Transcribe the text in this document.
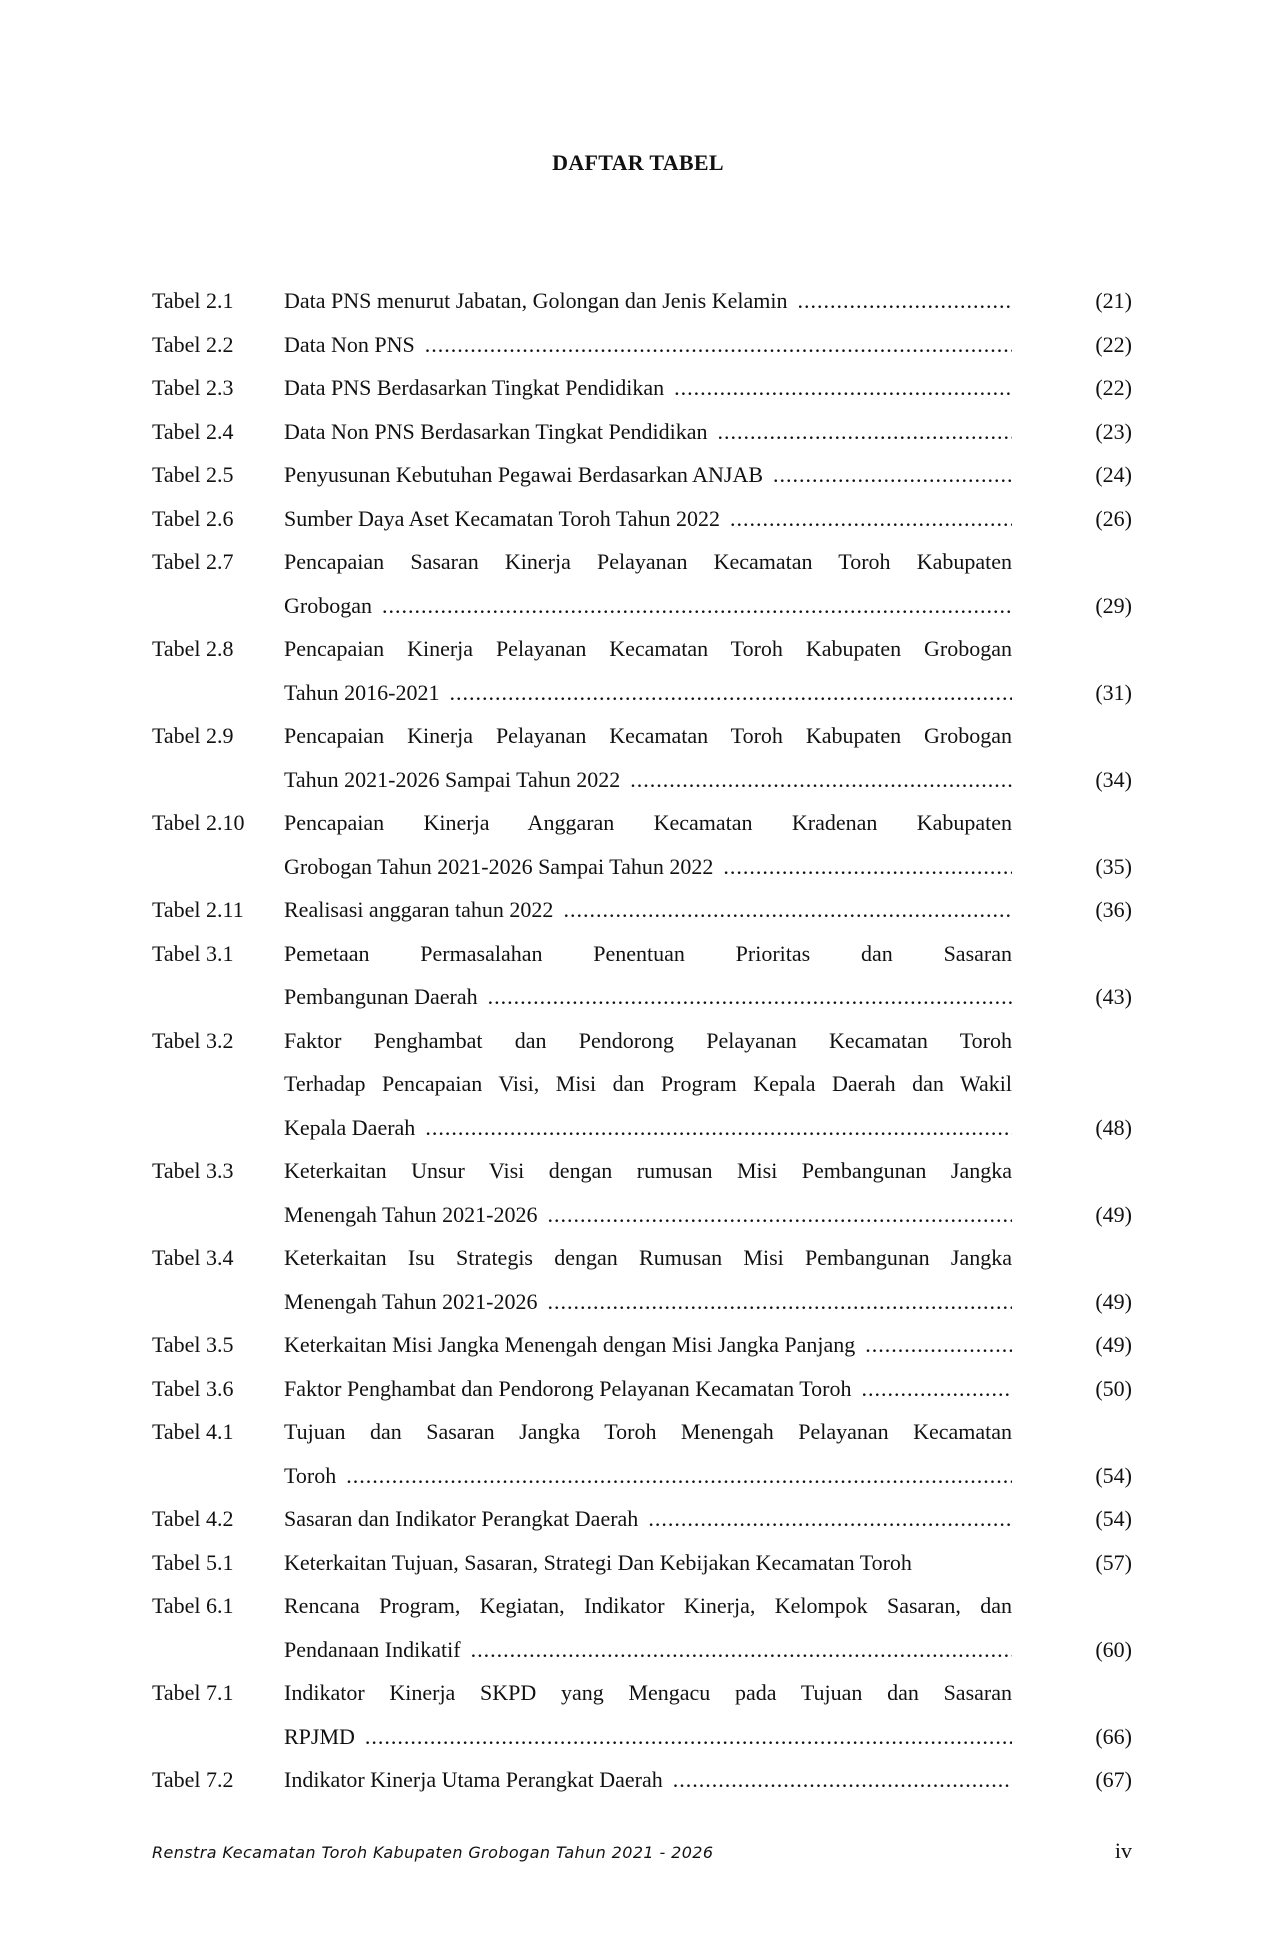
DAFTAR TABEL
Tabel 2.1	Data PNS menurut Jabatan, Golongan dan Jenis Kelamin .....	(21)
Tabel 2.2	Data Non PNS .....	(22)
Tabel 2.3	Data PNS Berdasarkan Tingkat Pendidikan .....	(22)
Tabel 2.4	Data Non PNS Berdasarkan Tingkat Pendidikan .....	(23)
Tabel 2.5	Penyusunan Kebutuhan Pegawai Berdasarkan ANJAB .....	(24)
Tabel 2.6	Sumber Daya Aset Kecamatan Toroh Tahun 2022 .....	(26)
Tabel 2.7	Pencapaian Sasaran Kinerja Pelayanan Kecamatan Toroh Kabupaten
Grobogan .....	(29)
Tabel 2.8	Pencapaian Kinerja Pelayanan Kecamatan Toroh Kabupaten Grobogan
Tahun 2016-2021 .....	(31)
Tabel 2.9	Pencapaian Kinerja Pelayanan Kecamatan Toroh Kabupaten Grobogan
Tahun 2021-2026 Sampai Tahun 2022 .....	(34)
Tabel 2.10	Pencapaian Kinerja Anggaran Kecamatan Kradenan Kabupaten
Grobogan Tahun 2021-2026 Sampai Tahun 2022 .....	(35)
Tabel 2.11	Realisasi anggaran tahun 2022 .....	(36)
Tabel 3.1	Pemetaan Permasalahan Penentuan Prioritas dan Sasaran
Pembangunan Daerah .....	(43)
Tabel 3.2	Faktor Penghambat dan Pendorong Pelayanan Kecamatan Toroh
Terhadap Pencapaian Visi, Misi dan Program Kepala Daerah dan Wakil
Kepala Daerah .....	(48)
Tabel 3.3	Keterkaitan Unsur Visi dengan rumusan Misi Pembangunan Jangka
Menengah Tahun 2021-2026 .....	(49)
Tabel 3.4	Keterkaitan Isu Strategis dengan Rumusan Misi Pembangunan Jangka
Menengah Tahun 2021-2026 .....	(49)
Tabel 3.5	Keterkaitan Misi Jangka Menengah dengan Misi Jangka Panjang .....	(49)
Tabel 3.6	Faktor Penghambat dan Pendorong Pelayanan Kecamatan Toroh .....	(50)
Tabel 4.1	Tujuan dan Sasaran Jangka Toroh Menengah Pelayanan Kecamatan
Toroh .....	(54)
Tabel 4.2	Sasaran dan Indikator Perangkat Daerah .....	(54)
Tabel 5.1	Keterkaitan Tujuan, Sasaran, Strategi Dan Kebijakan Kecamatan Toroh	(57)
Tabel 6.1	Rencana Program, Kegiatan, Indikator Kinerja, Kelompok Sasaran, dan
Pendanaan Indikatif .....	(60)
Tabel 7.1	Indikator Kinerja SKPD yang Mengacu pada Tujuan dan Sasaran
RPJMD .....	(66)
Tabel 7.2	Indikator Kinerja Utama Perangkat Daerah .....	(67)
Renstra Kecamatan Toroh Kabupaten Grobogan Tahun 2021 - 2026	iv
